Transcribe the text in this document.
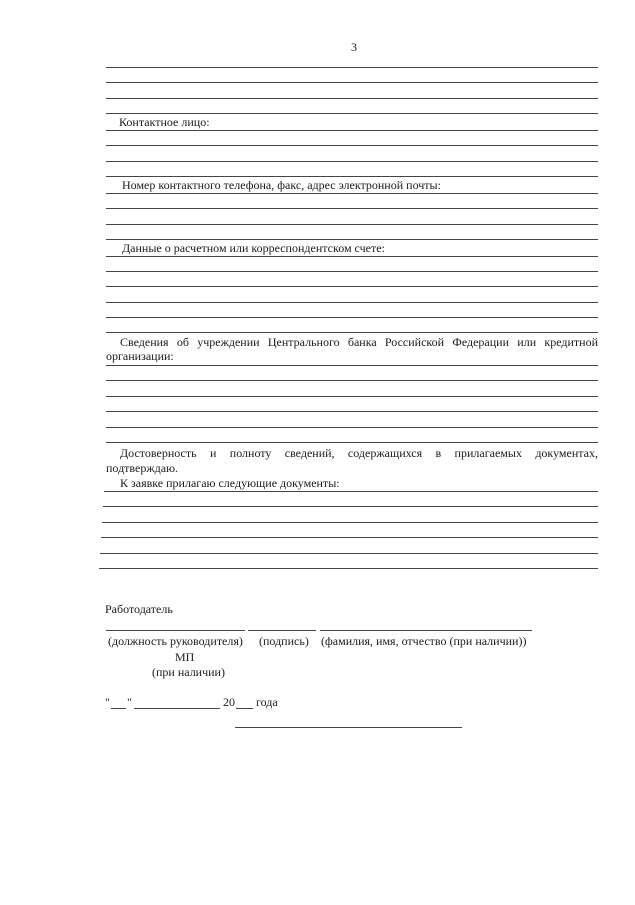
3
Контактное лицо:
Номер контактного телефона, факс, адрес электронной почты:
Данные о расчетном или корреспондентском счете:
Сведения об учреждении Центрального банка Российской Федерации или кредитной
организации:
Достоверность и полноту сведений, содержащихся в прилагаемых документах,
подтверждаю.
К заявке прилагаю следующие документы:
Работодатель
(должность руководителя) (подпись) (фамилия, имя, отчество (при наличии))
МП
(при наличии)
" "	20 года
